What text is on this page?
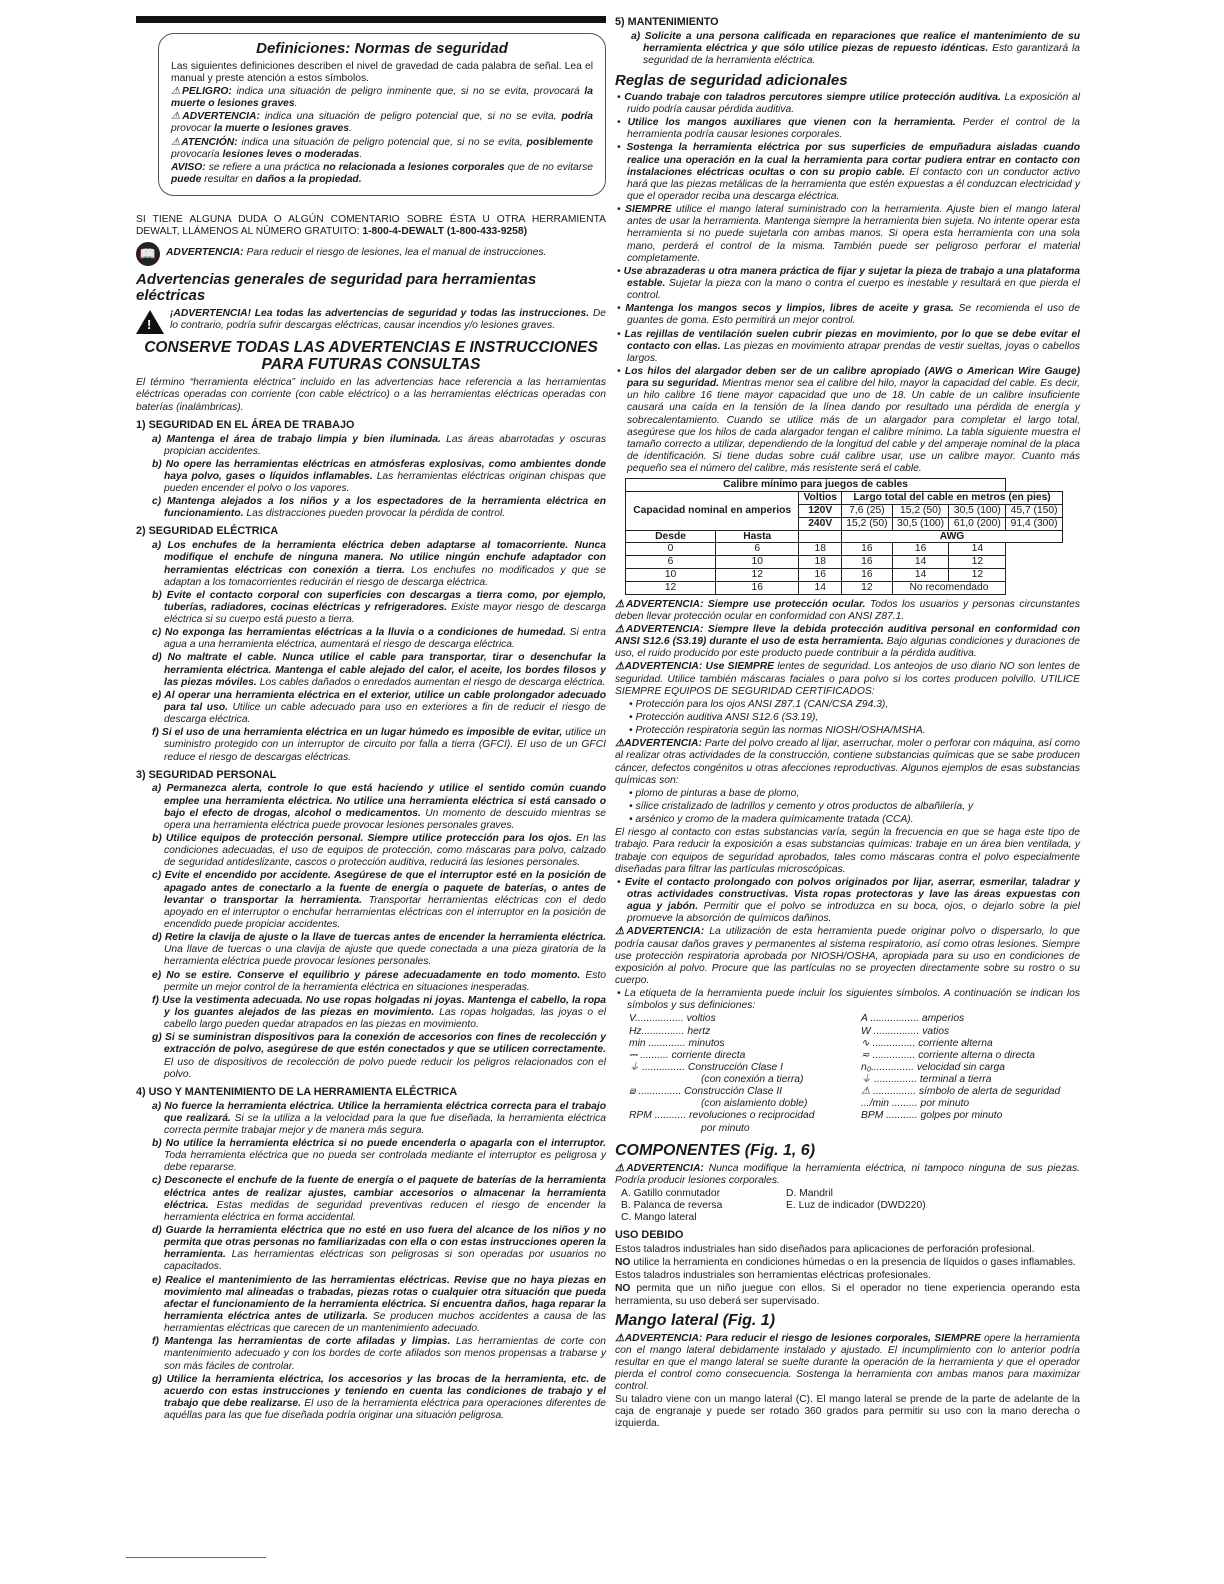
Definiciones: Normas de seguridad

Las siguientes definiciones describen el nivel de gravedad de cada palabra de señal. Lea el manual y preste atención a estos símbolos.

⚠PELIGRO: indica una situación de peligro inminente que, si no se evita, provocará la muerte o lesiones graves.

⚠ADVERTENCIA: indica una situación de peligro potencial que, si no se evita, podría provocar la muerte o lesiones graves.

⚠ATENCIÓN: indica una situación de peligro potencial que, si no se evita, posiblemente provocaría lesiones leves o moderadas.

AVISO: se refiere a una práctica no relacionada a lesiones corporales que de no evitarse puede resultar en daños a la propiedad.

SI TIENE ALGUNA DUDA O ALGÚN COMENTARIO SOBRE ÉSTA U OTRA HERRAMIENTA DEWALT, LLÁMENOS AL NÚMERO GRATUITO: 1-800-4-DEWALT (1-800-433-9258)

📖 ADVERTENCIA: Para reducir el riesgo de lesiones, lea el manual de instrucciones.

Advertencias generales de seguridad para herramientas eléctricas
!

¡ADVERTENCIA! Lea todas las advertencias de seguridad y todas las instrucciones. De lo contrario, podría sufrir descargas eléctricas, causar incendios y/o lesiones graves.

CONSERVE TODAS LAS ADVERTENCIAS E INSTRUCCIONES PARA FUTURAS CONSULTAS

El término “herramienta eléctrica” incluido en las advertencias hace referencia a las herramientas eléctricas operadas con corriente (con cable eléctrico) o a las herramientas eléctricas operadas con baterías (inalámbricas).

1) SEGURIDAD EN EL ÁREA DE TRABAJO

a) Mantenga el área de trabajo limpia y bien iluminada. Las áreas abarrotadas y oscuras propician accidentes.

b) No opere las herramientas eléctricas en atmósferas explosivas, como ambientes donde haya polvo, gases o líquidos inflamables. Las herramientas eléctricas originan chispas que pueden encender el polvo o los vapores.

c) Mantenga alejados a los niños y a los espectadores de la herramienta eléctrica en funcionamiento. Las distracciones pueden provocar la pérdida de control.

2) SEGURIDAD ELÉCTRICA

a) Los enchufes de la herramienta eléctrica deben adaptarse al tomacorriente. Nunca modifique el enchufe de ninguna manera. No utilice ningún enchufe adaptador con herramientas eléctricas con conexión a tierra. Los enchufes no modificados y que se adaptan a los tomacorrientes reducirán el riesgo de descarga eléctrica.

b) Evite el contacto corporal con superficies con descargas a tierra como, por ejemplo, tuberías, radiadores, cocinas eléctricas y refrigeradores. Existe mayor riesgo de descarga eléctrica si su cuerpo está puesto a tierra.

c) No exponga las herramientas eléctricas a la lluvia o a condiciones de humedad. Si entra agua a una herramienta eléctrica, aumentará el riesgo de descarga eléctrica.

d) No maltrate el cable. Nunca utilice el cable para transportar, tirar o desenchufar la herramienta eléctrica. Mantenga el cable alejado del calor, el aceite, los bordes filosos y las piezas móviles. Los cables dañados o enredados aumentan el riesgo de descarga eléctrica.

e) Al operar una herramienta eléctrica en el exterior, utilice un cable prolongador adecuado para tal uso. Utilice un cable adecuado para uso en exteriores a fin de reducir el riesgo de descarga eléctrica.

f) Si el uso de una herramienta eléctrica en un lugar húmedo es imposible de evitar, utilice un suministro protegido con un interruptor de circuito por falla a tierra (GFCI). El uso de un GFCI reduce el riesgo de descargas eléctricas.

3) SEGURIDAD PERSONAL

a) Permanezca alerta, controle lo que está haciendo y utilice el sentido común cuando emplee una herramienta eléctrica. No utilice una herramienta eléctrica si está cansado o bajo el efecto de drogas, alcohol o medicamentos. Un momento de descuido mientras se opera una herramienta eléctrica puede provocar lesiones personales graves.

b) Utilice equipos de protección personal. Siempre utilice protección para los ojos. En las condiciones adecuadas, el uso de equipos de protección, como máscaras para polvo, calzado de seguridad antideslizante, cascos o protección auditiva, reducirá las lesiones personales.

c) Evite el encendido por accidente. Asegúrese de que el interruptor esté en la posición de apagado antes de conectarlo a la fuente de energía o paquete de baterías, o antes de levantar o transportar la herramienta. Transportar herramientas eléctricas con el dedo apoyado en el interruptor o enchufar herramientas eléctricas con el interruptor en la posición de encendido puede propiciar accidentes.

d) Retire la clavija de ajuste o la llave de tuercas antes de encender la herramienta eléctrica. Una llave de tuercas o una clavija de ajuste que quede conectada a una pieza giratoria de la herramienta eléctrica puede provocar lesiones personales.

e) No se estire. Conserve el equilibrio y párese adecuadamente en todo momento. Esto permite un mejor control de la herramienta eléctrica en situaciones inesperadas.

f) Use la vestimenta adecuada. No use ropas holgadas ni joyas. Mantenga el cabello, la ropa y los guantes alejados de las piezas en movimiento. Las ropas holgadas, las joyas o el cabello largo pueden quedar atrapados en las piezas en movimiento.

g) Si se suministran dispositivos para la conexión de accesorios con fines de recolección y extracción de polvo, asegúrese de que estén conectados y que se utilicen correctamente. El uso de dispositivos de recolección de polvo puede reducir los peligros relacionados con el polvo.

4) USO Y MANTENIMIENTO DE LA HERRAMIENTA ELÉCTRICA

a) No fuerce la herramienta eléctrica. Utilice la herramienta eléctrica correcta para el trabajo que realizará. Si se la utiliza a la velocidad para la que fue diseñada, la herramienta eléctrica correcta permite trabajar mejor y de manera más segura.

b) No utilice la herramienta eléctrica si no puede encenderla o apagarla con el interruptor. Toda herramienta eléctrica que no pueda ser controlada mediante el interruptor es peligrosa y debe repararse.

c) Desconecte el enchufe de la fuente de energía o el paquete de baterías de la herramienta eléctrica antes de realizar ajustes, cambiar accesorios o almacenar la herramienta eléctrica. Estas medidas de seguridad preventivas reducen el riesgo de encender la herramienta eléctrica en forma accidental.

d) Guarde la herramienta eléctrica que no esté en uso fuera del alcance de los niños y no permita que otras personas no familiarizadas con ella o con estas instrucciones operen la herramienta. Las herramientas eléctricas son peligrosas si son operadas por usuarios no capacitados.

e) Realice el mantenimiento de las herramientas eléctricas. Revise que no haya piezas en movimiento mal alineadas o trabadas, piezas rotas o cualquier otra situación que pueda afectar el funcionamiento de la herramienta eléctrica. Si encuentra daños, haga reparar la herramienta eléctrica antes de utilizarla. Se producen muchos accidentes a causa de las herramientas eléctricas que carecen de un mantenimiento adecuado.

f) Mantenga las herramientas de corte afiladas y limpias. Las herramientas de corte con mantenimiento adecuado y con los bordes de corte afilados son menos propensas a trabarse y son más fáciles de controlar.

g) Utilice la herramienta eléctrica, los accesorios y las brocas de la herramienta, etc. de acuerdo con estas instrucciones y teniendo en cuenta las condiciones de trabajo y el trabajo que debe realizarse. El uso de la herramienta eléctrica para operaciones diferentes de aquéllas para las que fue diseñada podría originar una situación peligrosa.

5) MANTENIMIENTO

a) Solicite a una persona calificada en reparaciones que realice el mantenimiento de su herramienta eléctrica y que sólo utilice piezas de repuesto idénticas. Esto garantizará la seguridad de la herramienta eléctrica.

Reglas de seguridad adicionales

• Cuando trabaje con taladros percutores siempre utilice protección auditiva. La exposición al ruido podría causar pérdida auditiva.

• Utilice los mangos auxiliares que vienen con la herramienta. Perder el control de la herramienta podría causar lesiones corporales.

• Sostenga la herramienta eléctrica por sus superficies de empuñadura aisladas cuando realice una operación en la cual la herramienta para cortar pudiera entrar en contacto con instalaciones eléctricas ocultas o con su propio cable. El contacto con un conductor activo hará que las piezas metálicas de la herramienta que estén expuestas a él conduzcan electricidad y que el operador reciba una descarga eléctrica.

• SIEMPRE utilice el mango lateral suministrado con la herramienta. Ajuste bien el mango lateral antes de usar la herramienta. Mantenga siempre la herramienta bien sujeta. No intente operar esta herramienta si no puede sujetarla con ambas manos. Si opera esta herramienta con una sola mano, perderá el control de la misma. También puede ser peligroso perforar el material completamente.

• Use abrazaderas u otra manera práctica de fijar y sujetar la pieza de trabajo a una plataforma estable. Sujetar la pieza con la mano o contra el cuerpo es inestable y resultará en que pierda el control.

• Mantenga los mangos secos y limpios, libres de aceite y grasa. Se recomienda el uso de guantes de goma. Esto permitirá un mejor control.

• Las rejillas de ventilación suelen cubrir piezas en movimiento, por lo que se debe evitar el contacto con ellas. Las piezas en movimiento atrapar prendas de vestir sueltas, joyas o cabellos largos.

• Los hilos del alargador deben ser de un calibre apropiado (AWG o American Wire Gauge) para su seguridad. Mientras menor sea el calibre del hilo, mayor la capacidad del cable. Es decir, un hilo calibre 16 tiene mayor capacidad que uno de 18. Un cable de un calibre insuficiente causará una caída en la tensión de la línea dando por resultado una pérdida de energía y sobrecalentamiento. Cuando se utilice más de un alargador para completar el largo total, asegúrese que los hilos de cada alargador tengan el calibre mínimo. La tabla siguiente muestra el tamaño correcto a utilizar, dependiendo de la longitud del cable y del amperaje nominal de la placa de identificación. Si tiene dudas sobre cuál calibre usar, use un calibre mayor. Cuanto más pequeño sea el número del calibre, más resistente será el cable.

Calibre mínimo para juegos de cables						
Capacidad nominal en amperios		Voltios	Largo total del cable en metros (en pies)			
		120V	7,6 (25)	15,2 (50)	30,5 (100)	45,7 (150)
		240V	15,2 (50)	30,5 (100)	61,0 (200)	91,4 (300)
Desde	Hasta		AWG			
0	6	18	16	16	14	
6	10	18	16	14	12	
10	12	16	16	14	12	
12	16	14	12	No recomendado		

⚠ADVERTENCIA: Siempre use protección ocular. Todos los usuarios y personas circunstantes deben llevar protección ocular en conformidad con ANSI Z87.1.

⚠ADVERTENCIA: Siempre lleve la debida protección auditiva personal en conformidad con ANSI S12.6 (S3.19) durante el uso de esta herramienta. Bajo algunas condiciones y duraciones de uso, el ruido producido por este producto puede contribuir a la pérdida auditiva.

⚠ADVERTENCIA: Use SIEMPRE lentes de seguridad. Los anteojos de uso diario NO son lentes de seguridad. Utilice también máscaras faciales o para polvo si los cortes producen polvillo. UTILICE SIEMPRE EQUIPOS DE SEGURIDAD CERTIFICADOS:

• Protección para los ojos ANSI Z87.1 (CAN/CSA Z94.3),

• Protección auditiva ANSI S12.6 (S3.19),

• Protección respiratoria según las normas NIOSH/OSHA/MSHA.

⚠ADVERTENCIA: Parte del polvo creado al lijar, aserruchar, moler o perforar con máquina, así como al realizar otras actividades de la construcción, contiene substancias químicas que se sabe producen cáncer, defectos congénitos u otras afecciones reproductivas. Algunos ejemplos de esas substancias químicas son:

• plomo de pinturas a base de plomo,

• sílice cristalizado de ladrillos y cemento y otros productos de albañilería, y

• arsénico y cromo de la madera químicamente tratada (CCA).

El riesgo al contacto con estas substancias varía, según la frecuencia en que se haga este tipo de trabajo. Para reducir la exposición a esas substancias químicas: trabaje en un área bien ventilada, y trabaje con equipos de seguridad aprobados, tales como máscaras contra el polvo especialmente diseñadas para filtrar las partículas microscópicas.

• Evite el contacto prolongado con polvos originados por lijar, aserrar, esmerilar, taladrar y otras actividades constructivas. Vista ropas protectoras y lave las áreas expuestas con agua y jabón. Permitir que el polvo se introduzca en su boca, ojos, o dejarlo sobre la piel promueve la absorción de químicos dañinos.

⚠ADVERTENCIA: La utilización de esta herramienta puede originar polvo o dispersarlo, lo que podría causar daños graves y permanentes al sistema respiratorio, así como otras lesiones. Siempre use protección respiratoria aprobada por NIOSH/OSHA, apropiada para su uso en condiciones de exposición al polvo. Procure que las partículas no se proyecten directamente sobre su rostro o su cuerpo.

• La etiqueta de la herramienta puede incluir los siguientes símbolos. A continuación se indican los símbolos y sus definiciones:

V................. voltios	A ................. amperios
Hz............... hertz	W ................ vatios
min ............. minutos	∿ ............... corriente alterna
⎓ .......... corriente directa	≂ ............... corriente alterna o directa
⏚ ............... Construcción Clase I	n₀............... velocidad sin carga
(con conexión a tierra)	⏚ ............... terminal a tierra
⧈ ............... Construcción Clase II	⚠ ............... símbolo de alerta de seguridad
(con aislamiento doble)	.../min ......... por minuto
RPM ........... revoluciones o reciprocidad	BPM ........... golpes por minuto
por minuto
COMPONENTES (Fig. 1, 6)

⚠ADVERTENCIA: Nunca modifique la herramienta eléctrica, ni tampoco ninguna de sus piezas. Podría producir lesiones corporales.

A. Gatillo conmutador	D. Mandril
B. Palanca de reversa	E. Luz de indicador (DWD220)
C. Mango lateral
USO DEBIDO

Estos taladros industriales han sido diseñados para aplicaciones de perforación profesional.

NO utilice la herramienta en condiciones húmedas o en la presencia de líquidos o gases inflamables.

Estos taladros industriales son herramientas eléctricas profesionales.

NO permita que un niño juegue con ellos. Si el operador no tiene experiencia operando esta herramienta, su uso deberá ser supervisado.

Mango lateral (Fig. 1)

⚠ADVERTENCIA: Para reducir el riesgo de lesiones corporales, SIEMPRE opere la herramienta con el mango lateral debidamente instalado y ajustado. El incumplimiento con lo anterior podría resultar en que el mango lateral se suelte durante la operación de la herramienta y que el operador pierda el control como consecuencia. Sostenga la herramienta con ambas manos para maximizar control.

Su taladro viene con un mango lateral (C). El mango lateral se prende de la parte de adelante de la caja de engranaje y puede ser rotado 360 grados para permitir su uso con la mano derecha o izquierda.
